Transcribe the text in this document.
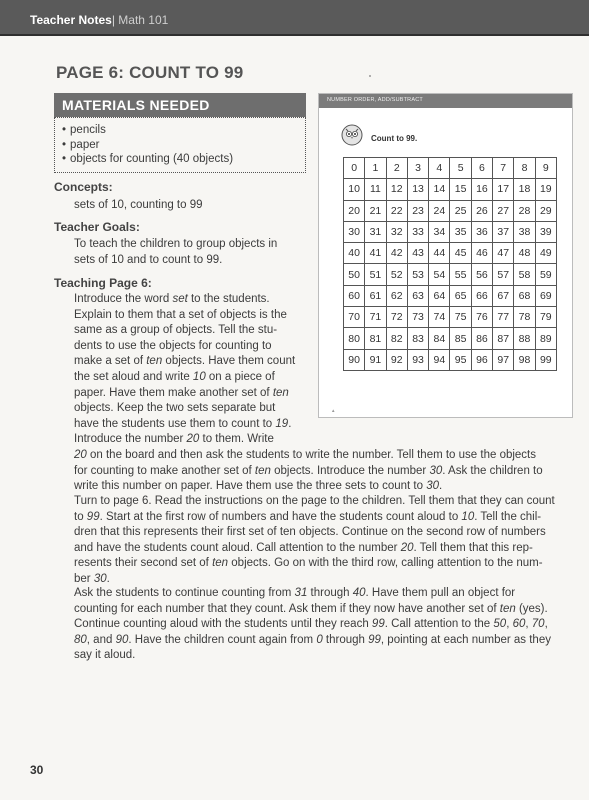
Teacher Notes| Math 101
PAGE 6: COUNT TO 99
MATERIALS NEEDED
• pencils
• paper
• objects for counting (40 objects)
Concepts:
sets of 10, counting to 99
Teacher Goals:
To teach the children to group objects in
sets of 10 and to count to 99.
Teaching Page 6:
Introduce the word set to the students.
Explain to them that a set of objects is the
same as a group of objects. Tell the stu-
dents to use the objects for counting to
make a set of ten objects. Have them count
the set aloud and write 10 on a piece of
paper. Have them make another set of ten
objects. Keep the two sets separate but
have the students use them to count to 19.
Introduce the number 20 to them. Write
20 on the board and then ask the students to write the number. Tell them to use the objects
for counting to make another set of ten objects. Introduce the number 30. Ask the children to
write this number on paper. Have them use the three sets to count to 30.
Turn to page 6. Read the instructions on the page to the children. Tell them that they can count
to 99. Start at the first row of numbers and have the students count aloud to 10. Tell the chil-
dren that this represents their first set of ten objects. Continue on the second row of numbers
and have the students count aloud. Call attention to the number 20. Tell them that this rep-
resents their second set of ten objects. Go on with the third row, calling attention to the num-
ber 30.
Ask the students to continue counting from 31 through 40. Have them pull an object for
counting for each number that they count. Ask them if they now have another set of ten (yes).
Continue counting aloud with the students until they reach 99. Call attention to the 50, 60, 70,
80, and 90. Have the children count again from 0 through 99, pointing at each number as they
say it aloud.
NUMBER ORDER, ADD/SUBTRACT
Count to 99.
0	1	2	3	4	5	6	7	8	9
10	11	12	13	14	15	16	17	18	19
20	21	22	23	24	25	26	27	28	29
30	31	32	33	34	35	36	37	38	39
40	41	42	43	44	45	46	47	48	49
50	51	52	53	54	55	56	57	58	59
60	61	62	63	64	65	66	67	68	69
70	71	72	73	74	75	76	77	78	79
80	81	82	83	84	85	86	87	88	89
90	91	92	93	94	95	96	97	98	99
▲
30
